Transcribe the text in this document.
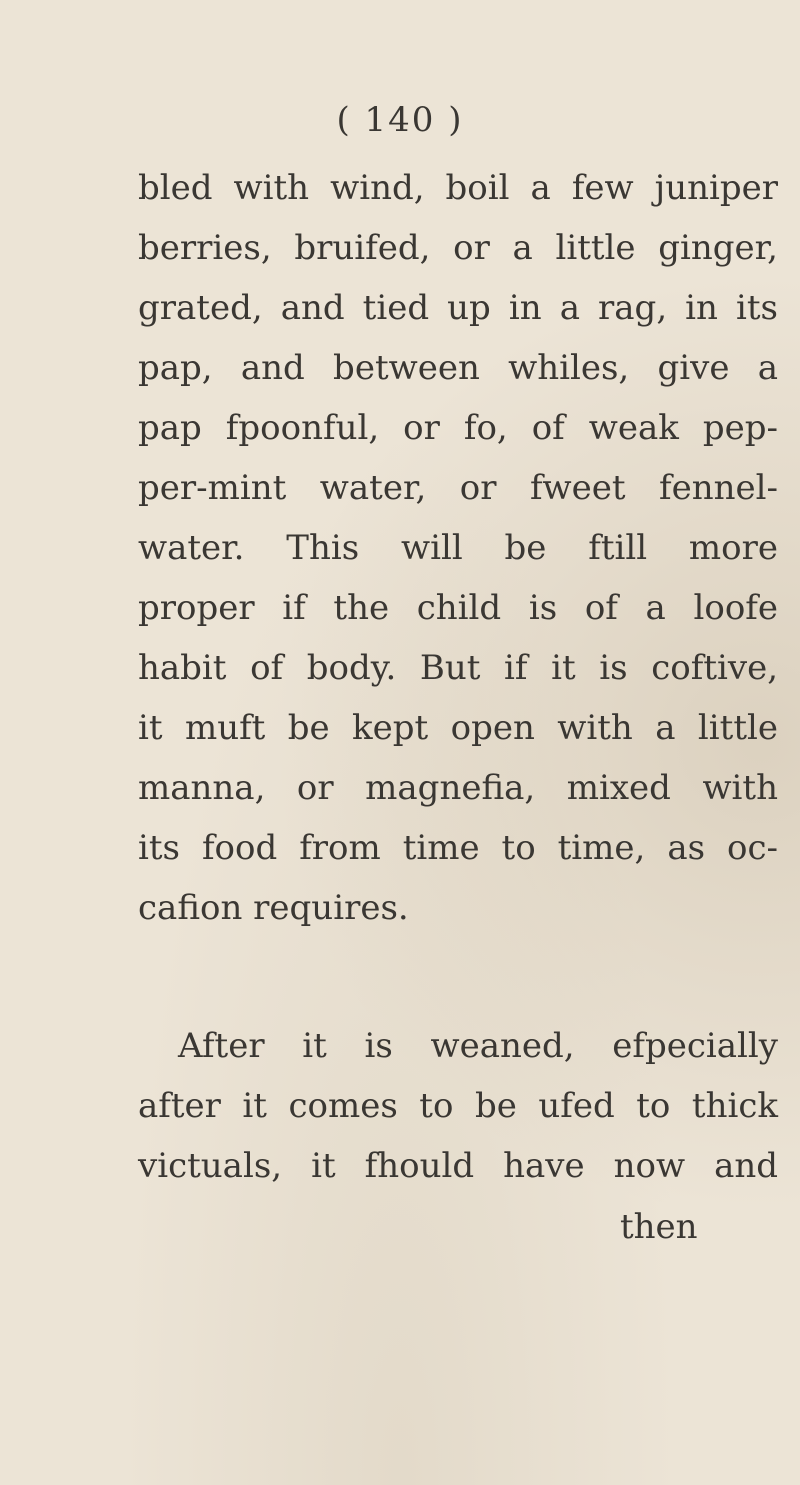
( 140 )
bled with wind, boil a few juniper
berries, bruifed, or a little ginger,
grated, and tied up in a rag, in its
pap, and between whiles, give a
pap fpoonful, or fo, of weak pep-
per-mint water, or fweet fennel-
water. This will be ftill more
proper if the child is of a loofe
habit of body. But if it is coftive,
it muft be kept open with a little
manna, or magnefia, mixed with
its food from time to time, as oc-
cafion requires.
After it is weaned, efpecially
after it comes to be ufed to thick
victuals, it fhould have now and
then
